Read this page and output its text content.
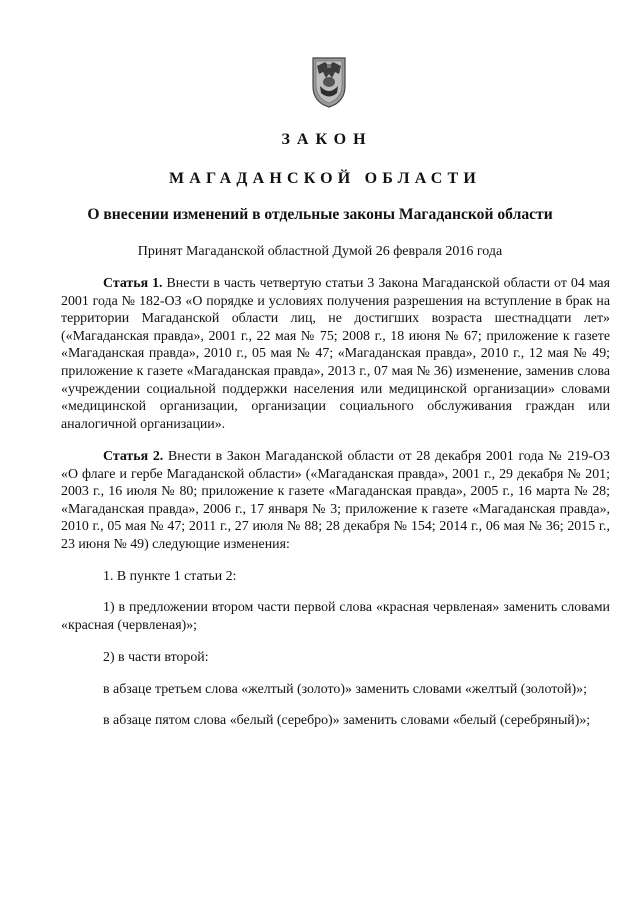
ЗАКОН

МАГАДАНСКОЙ ОБЛАСТИ

О внесении изменений в отдельные законы Магаданской области

Принят Магаданской областной Думой 26 февраля 2016 года

Статья 1. Внести в часть четвертую статьи 3 Закона Магаданской области от 04 мая 2001 года № 182-ОЗ «О порядке и условиях получения разрешения на вступление в брак на территории Магаданской области лиц, не достигших возраста шестнадцати лет» («Магаданская правда», 2001 г., 22 мая № 75; 2008 г., 18 июня № 67; приложение к газете «Магаданская правда», 2010 г., 05 мая № 47; «Магаданская правда», 2010 г., 12 мая № 49; приложение к газете «Магаданская правда», 2013 г., 07 мая № 36) изменение, заменив слова «учреждении социальной поддержки населения или медицинской организации» словами «медицинской организации, организации социального обслуживания граждан или аналогичной организации».

Статья 2. Внести в Закон Магаданской области от 28 декабря 2001 года № 219-ОЗ «О флаге и гербе Магаданской области» («Магаданская правда», 2001 г., 29 декабря № 201; 2003 г., 16 июля № 80; приложение к газете «Магаданская правда», 2005 г., 16 марта № 28; «Магаданская правда», 2006 г., 17 января № 3; приложение к газете «Магаданская правда», 2010 г., 05 мая № 47; 2011 г., 27 июля № 88; 28 декабря № 154; 2014 г., 06 мая № 36; 2015 г., 23 июня № 49) следующие изменения:

1. В пункте 1 статьи 2:

1) в предложении втором части первой слова «красная червленая» заменить словами «красная (червленая)»;

2) в части второй:

в абзаце третьем слова «желтый (золото)» заменить словами «желтый (золотой)»;

в абзаце пятом слова «белый (серебро)» заменить словами «белый (серебряный)»;
